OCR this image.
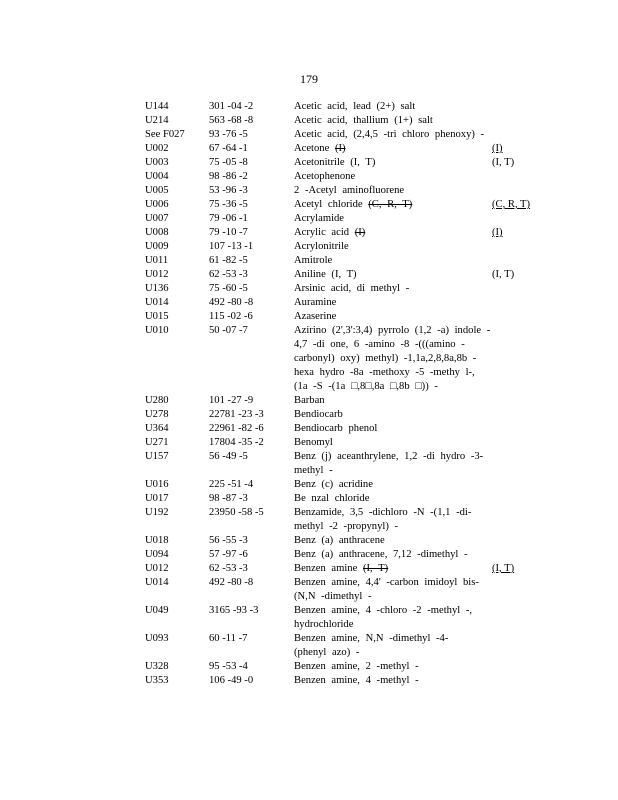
179
U144	301 -04 -2	Acetic acid, lead (2+) salt
U214	563 -68 -8	Acetic acid, thallium (1+) salt
See F027	93 -76 -5	Acetic acid, (2,4,5 -tri chloro phenoxy) -
U002	67 -64 -1	Acetone (I)	(I)
U003	75 -05 -8	Acetonitrile (I, T)	(I, T)
U004	98 -86 -2	Acetophenone
U005	53 -96 -3	2 -Acetyl aminofluorene
U006	75 -36 -5	Acetyl chloride (C, R, T)	(C, R, T)
U007	79 -06 -1	Acrylamide
U008	79 -10 -7	Acrylic acid (I)	(I)
U009	107 -13 -1	Acrylonitrile
U011	61 -82 -5	Amitrole
U012	62 -53 -3	Aniline (I, T)	(I, T)
U136	75 -60 -5	Arsinic acid, di methyl -
U014	492 -80 -8	Auramine
U015	115 -02 -6	Azaserine
U010	50 -07 -7	Azirino (2',3':3,4) pyrrolo (1,2 -a) indole -
4,7 -di one, 6 -amino -8 -(((amino -
carbonyl) oxy) methyl) -1,1a,2,8,8a,8b -
hexa hydro -8a -methoxy -5 -methy l-,
(1a -S -(1a □,8□,8a □,8b □)) -
U280	101 -27 -9	Barban
U278	22781 -23 -3	Bendiocarb
U364	22961 -82 -6	Bendiocarb phenol
U271	17804 -35 -2	Benomyl
U157	56 -49 -5	Benz (j) aceanthrylene, 1,2 -di hydro -3-
methyl -
U016	225 -51 -4	Benz (c) acridine
U017	98 -87 -3	Be nzal chloride
U192	23950 -58 -5	Benzamide, 3,5 -dichloro -N -(1,1 -di-
methyl -2 -propynyl) -
U018	56 -55 -3	Benz (a) anthracene
U094	57 -97 -6	Benz (a) anthracene, 7,12 -dimethyl -
U012	62 -53 -3	Benzen amine (I, T)	(I, T)
U014	492 -80 -8	Benzen amine, 4,4' -carbon imidoyl bis-
(N,N -dimethyl -
U049	3165 -93 -3	Benzen amine, 4 -chloro -2 -methyl -,
hydrochloride
U093	60 -11 -7	Benzen amine, N,N -dimethyl -4-
(phenyl azo) -
U328	95 -53 -4	Benzen amine, 2 -methyl -
U353	106 -49 -0	Benzen amine, 4 -methyl -
